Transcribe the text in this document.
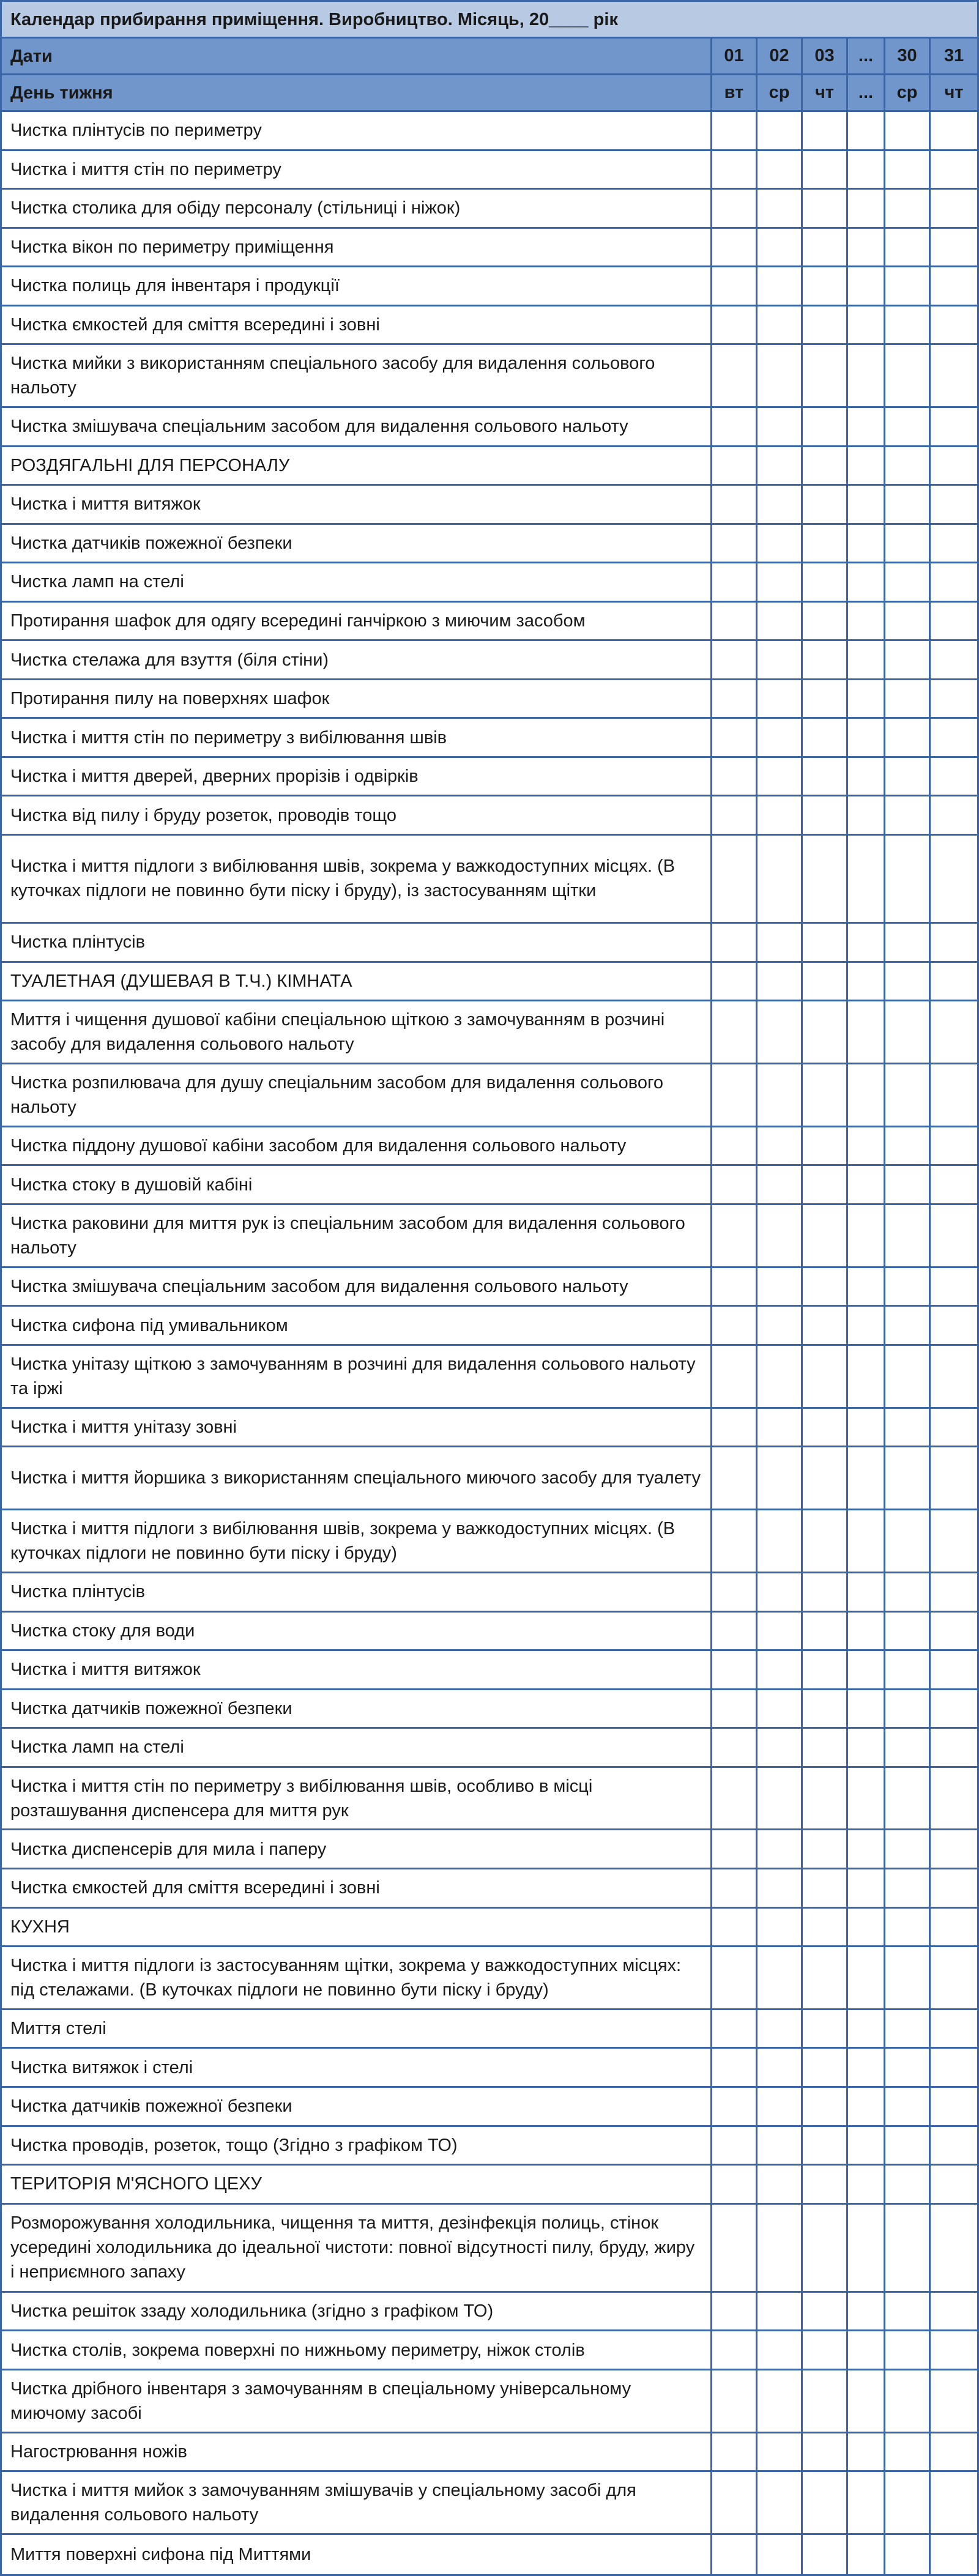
Календар прибирання приміщення. Виробництво. Місяць, 20____ рік
Дати	01	02	03	...	30	31
День тижня	вт	ср	чт	...	ср	чт
Чистка плінтусів по периметру
Чистка і миття стін по периметру
Чистка столика для обіду персоналу (стільниці і ніжок)
Чистка вікон по периметру приміщення
Чистка полиць для інвентаря і продукції
Чистка ємкостей для сміття всередині і зовні
Чистка мийки з використанням спеціального засобу для видалення сольового нальоту
Чистка змішувача спеціальним засобом для видалення сольового нальоту
РОЗДЯГАЛЬНІ ДЛЯ ПЕРСОНАЛУ
Чистка і миття витяжок
Чистка датчиків пожежної безпеки
Чистка ламп на стелі
Протирання шафок для одягу всередині ганчіркою з миючим засобом
Чистка стелажа для взуття (біля стіни)
Протирання пилу на поверхнях шафок
Чистка і миття стін по периметру з вибілювання швів
Чистка і миття дверей, дверних прорізів і одвірків
Чистка від пилу і бруду розеток, проводів тощо
Чистка і миття підлоги з вибілювання швів, зокрема у важкодоступних місцях. (В куточках підлоги не повинно бути піску і бруду), із застосуванням щітки
Чистка плінтусів
ТУАЛЕТНАЯ (ДУШЕВАЯ В Т.Ч.) КІМНАТА
Миття і чищення душової кабіни спеціальною щіткою з замочуванням в розчині засобу для видалення сольового нальоту
Чистка розпилювача для душу спеціальним засобом для видалення сольового нальоту
Чистка піддону душової кабіни засобом для видалення сольового нальоту
Чистка стоку в душовій кабіні
Чистка раковини для миття рук із спеціальним засобом для видалення сольового нальоту
Чистка змішувача спеціальним засобом для видалення сольового нальоту
Чистка сифона під умивальником
Чистка унітазу щіткою з замочуванням в розчині для видалення сольового нальоту та іржі
Чистка і миття унітазу зовні
Чистка і миття йоршика з використанням спеціального миючого засобу для туалету
Чистка і миття підлоги з вибілювання швів, зокрема у важкодоступних місцях. (В куточках підлоги не повинно бути піску і бруду)
Чистка плінтусів
Чистка стоку для води
Чистка і миття витяжок
Чистка датчиків пожежної безпеки
Чистка ламп на стелі
Чистка і миття стін по периметру з вибілювання швів, особливо в місці розташування диспенсера для миття рук
Чистка диспенсерів для мила і паперу
Чистка ємкостей для сміття всередині і зовні
КУХНЯ
Чистка і миття підлоги із застосуванням щітки, зокрема у важкодоступних місцях: під стелажами. (В куточках підлоги не повинно бути піску і бруду)
Миття стелі
Чистка витяжок і стелі
Чистка датчиків пожежної безпеки
Чистка проводів, розеток, тощо (Згідно з графіком ТО)
ТЕРИТОРІЯ М'ЯСНОГО ЦЕХУ
Розморожування холодильника, чищення та миття, дезінфекція полиць, стінок усередині холодильника до ідеальної чистоти: повної відсутності пилу, бруду, жиру і неприємного запаху
Чистка решіток ззаду холодильника (згідно з графіком ТО)
Чистка столів, зокрема поверхні по нижньому периметру, ніжок столів
Чистка дрібного інвентаря з замочуванням в спеціальному універсальному миючому засобі
Нагострювання ножів
Чистка і миття мийок з замочуванням змішувачів у спеціальному засобі для видалення сольового нальоту
Миття поверхні сифона під Миттями
